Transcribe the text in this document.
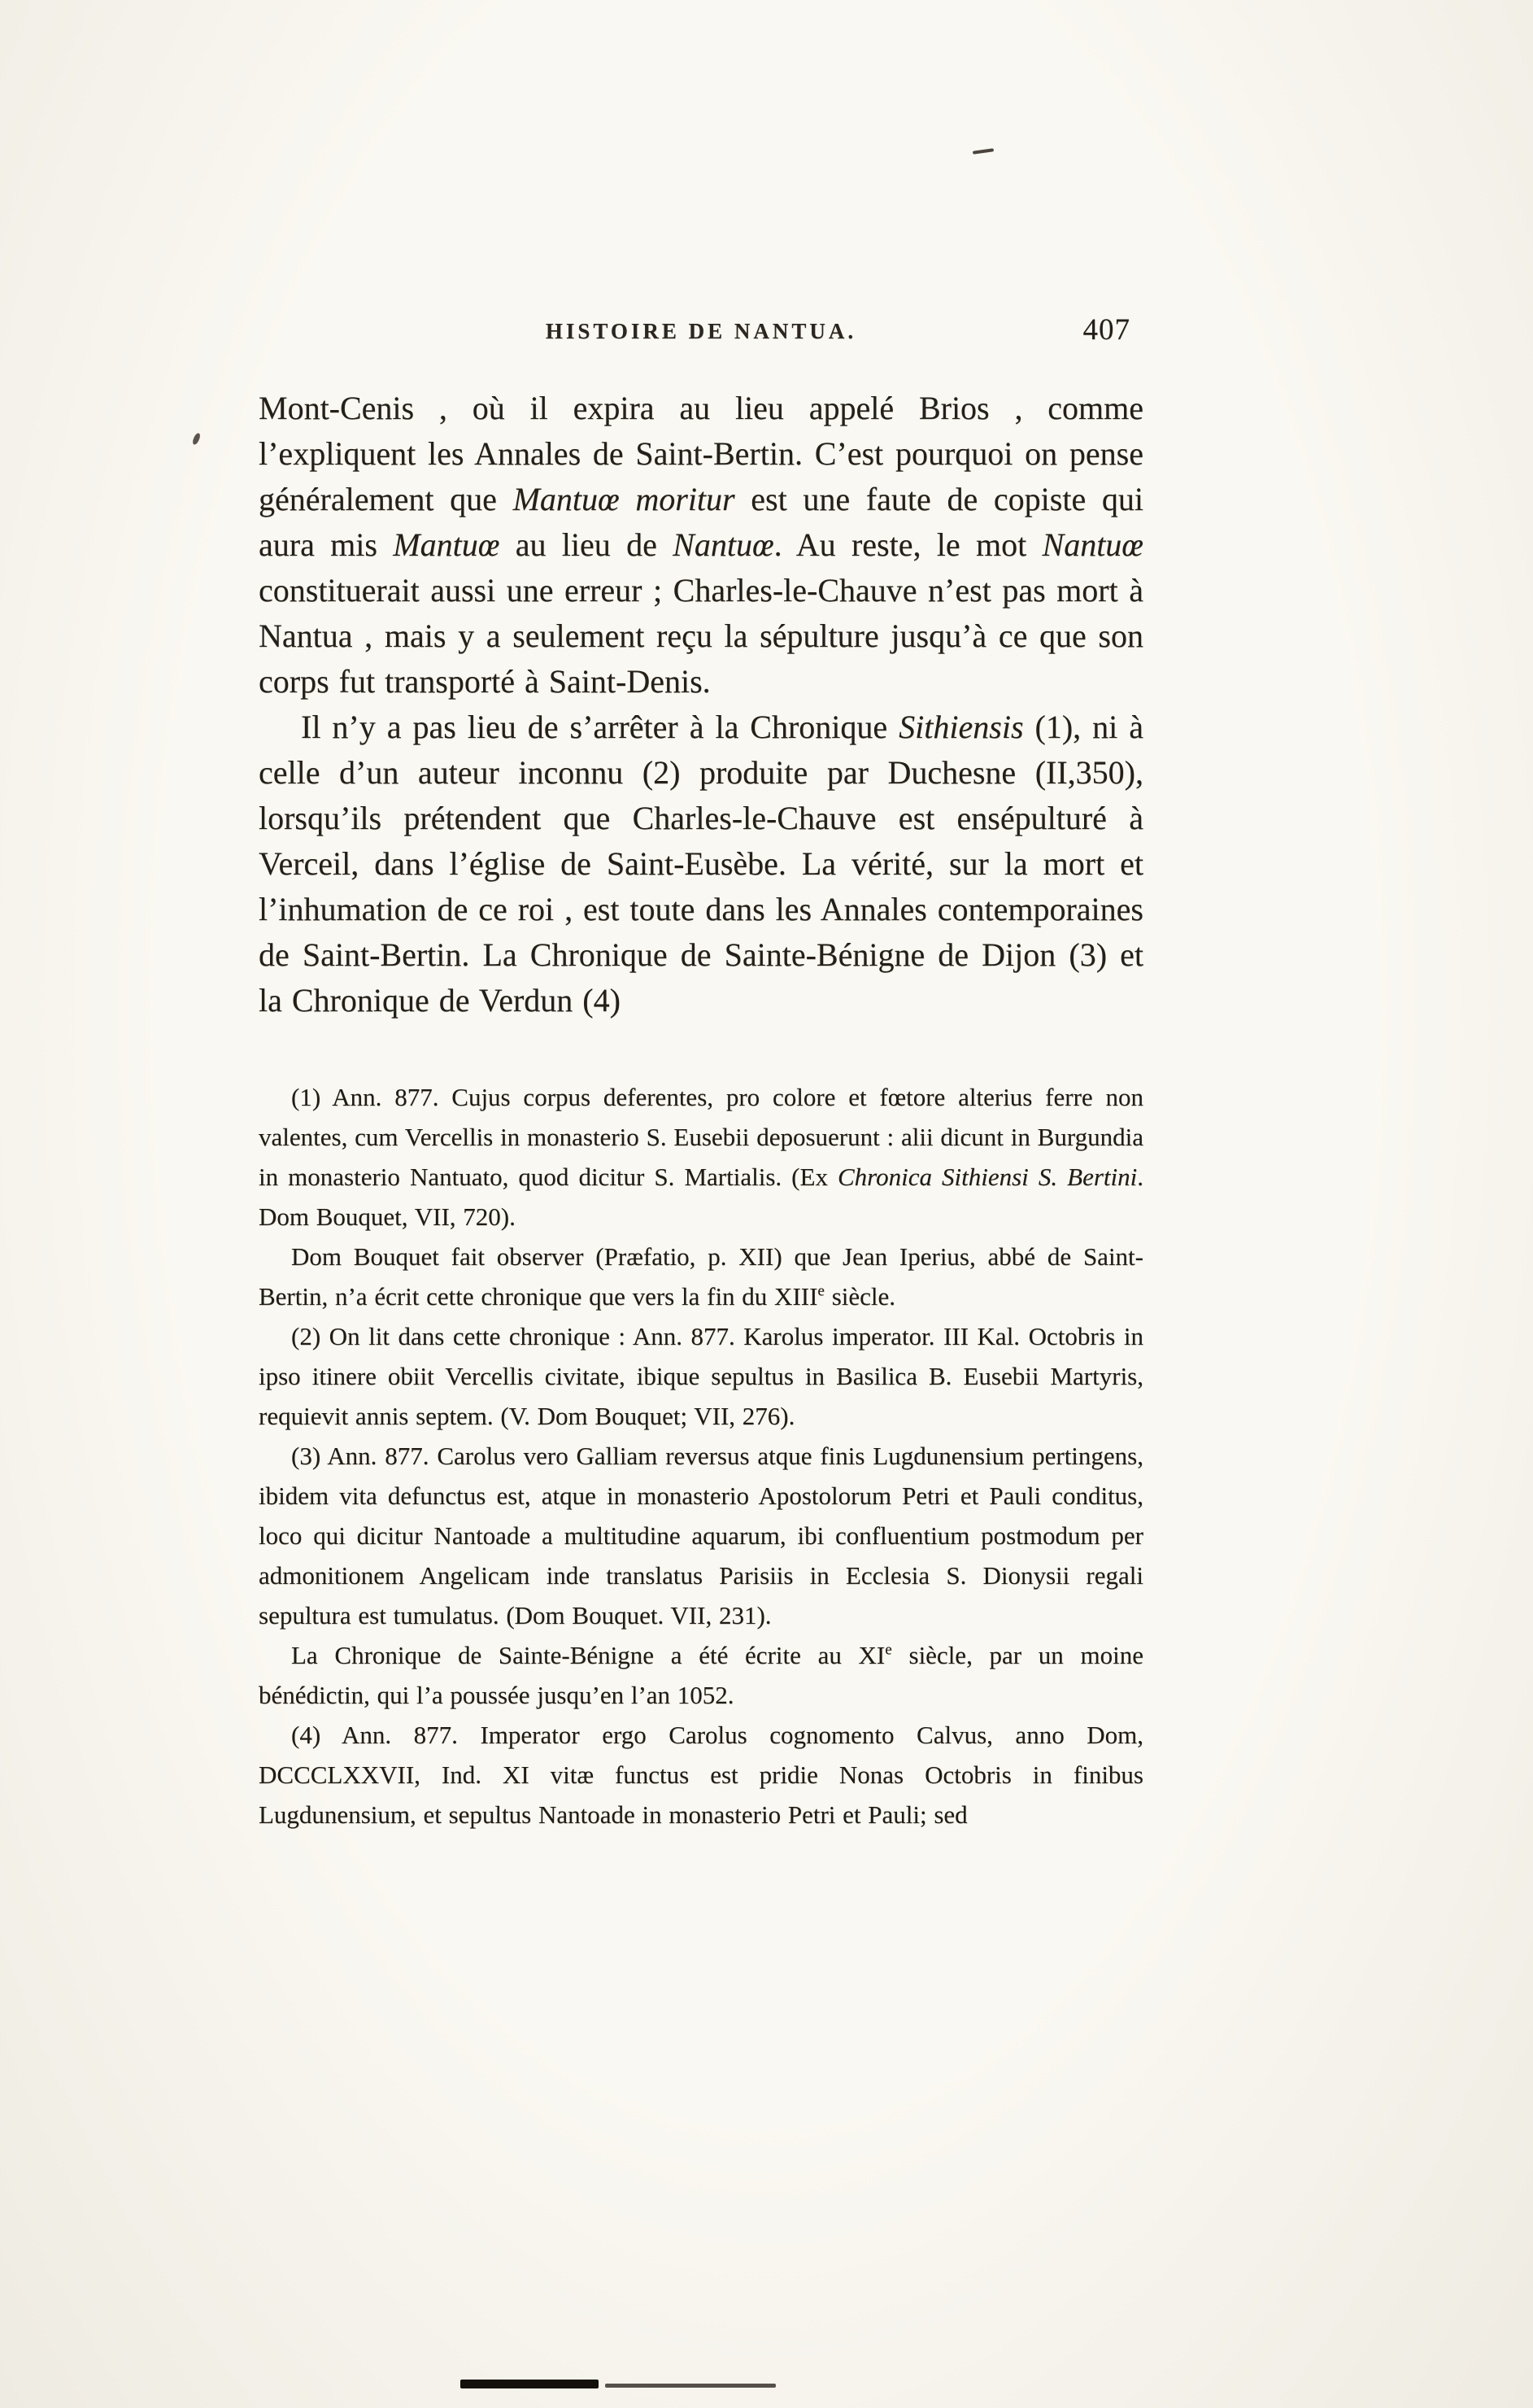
HISTOIRE DE NANTUA.	407

Mont-Cenis , où il expira au lieu appelé Brios , comme l’expliquent les Annales de Saint-Bertin. C’est pourquoi on pense généralement que Mantuœ moritur est une faute de copiste qui aura mis Mantuœ au lieu de Nantuœ. Au reste, le mot Nantuœ constituerait aussi une erreur ; Charles-le-Chauve n’est pas mort à Nantua , mais y a seulement reçu la sépulture jusqu’à ce que son corps fut transporté à Saint-Denis.

Il n’y a pas lieu de s’arrêter à la Chronique Sithiensis (1), ni à celle d’un auteur inconnu (2) produite par Duchesne (II,350), lorsqu’ils prétendent que Charles-le-Chauve est ensépulturé à Verceil, dans l’église de Saint-Eusèbe. La vérité, sur la mort et l’inhumation de ce roi , est toute dans les Annales contemporaines de Saint-Bertin. La Chronique de Sainte-Bénigne de Dijon (3) et la Chronique de Verdun (4)

(1) Ann. 877. Cujus corpus deferentes, pro colore et fœtore alterius ferre non valentes, cum Vercellis in monasterio S. Eusebii deposuerunt : alii dicunt in Burgundia in monasterio Nantuato, quod dicitur S. Martialis. (Ex Chronica Sithiensi S. Bertini. Dom Bouquet, VII, 720).

Dom Bouquet fait observer (Præfatio, p. XII) que Jean Iperius, abbé de Saint-Bertin, n’a écrit cette chronique que vers la fin du XIIIe siècle.

(2) On lit dans cette chronique : Ann. 877. Karolus imperator. III Kal. Octobris in ipso itinere obiit Vercellis civitate, ibique sepultus in Basilica B. Eusebii Martyris, requievit annis septem. (V. Dom Bouquet; VII, 276).

(3) Ann. 877. Carolus vero Galliam reversus atque finis Lugdunensium pertingens, ibidem vita defunctus est, atque in monasterio Apostolorum Petri et Pauli conditus, loco qui dicitur Nantoade a multitudine aquarum, ibi confluentium postmodum per admonitionem Angelicam inde translatus Parisiis in Ecclesia S. Dionysii regali sepultura est tumulatus. (Dom Bouquet. VII, 231).

La Chronique de Sainte-Bénigne a été écrite au XIe siècle, par un moine bénédictin, qui l’a poussée jusqu’en l’an 1052.

(4) Ann. 877. Imperator ergo Carolus cognomento Calvus, anno Dom, DCCCLXXVII, Ind. XI vitæ functus est pridie Nonas Octobris in finibus Lugdunensium, et sepultus Nantoade in monasterio Petri et Pauli; sed
